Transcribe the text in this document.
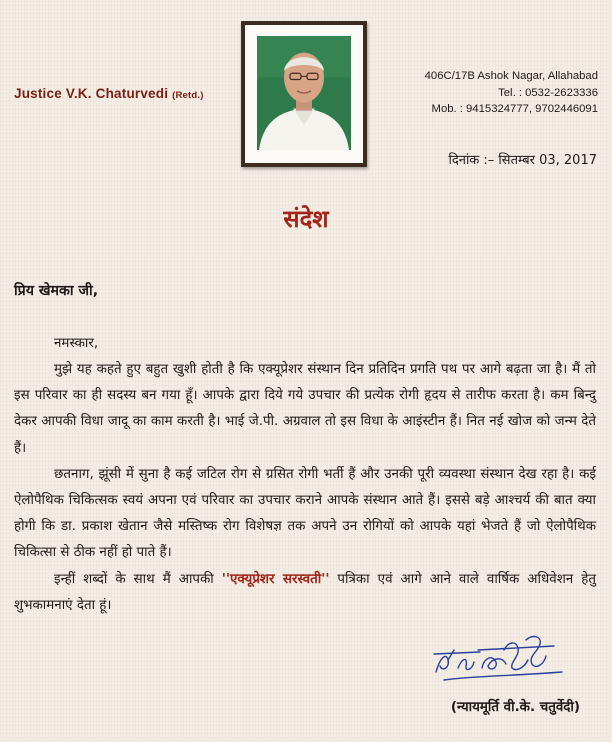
Justice V.K. Chaturvedi (Retd.)
406C/17B Ashok Nagar, Allahabad
Tel. : 0532-2623336
Mob. : 9415324777, 9702446091
दिनांक :– सितम्बर 03, 2017
संदेश
प्रिय खेमका जी,
नमस्कार,

मुझे यह कहते हुए बहुत खुशी होती है कि एक्यूप्रेशर संस्थान दिन प्रतिदिन प्रगति पथ पर आगे बढ़ता जा है। मैं तो इस परिवार का ही सदस्य बन गया हूँ। आपके द्वारा दिये गये उपचार की प्रत्येक रोगी हृदय से तारीफ करता है। कम बिन्दु देकर आपकी विधा जादू का काम करती है। भाई जे.पी. अग्रवाल तो इस विधा के आइंस्टीन हैं। नित नई खोज को जन्म देते हैं।

छतनाग, झूंसी में सुना है कई जटिल रोग से ग्रसित रोगी भर्ती हैं और उनकी पूरी व्यवस्था संस्थान देख रहा है। कई ऐलोपैथिक चिकित्सक स्वयं अपना एवं परिवार का उपचार कराने आपके संस्थान आते हैं। इससे बड़े आश्चर्य की बात क्या होगी कि डा. प्रकाश खेतान जैसे मस्तिष्क रोग विशेषज्ञ तक अपने उन रोगियों को आपके यहां भेजते हैं जो ऐलोपैथिक चिकित्सा से ठीक नहीं हो पाते हैं।

इन्हीं शब्दों के साथ मैं आपकी ''एक्यूप्रेशर सरस्वती'' पत्रिका एवं आगे आने वाले वार्षिक अधिवेशन हेतु शुभकामनाएं देता हूं।

वी.के. चतुर्वेदी
(न्यायमूर्ति वी.के. चतुर्वेदी)
